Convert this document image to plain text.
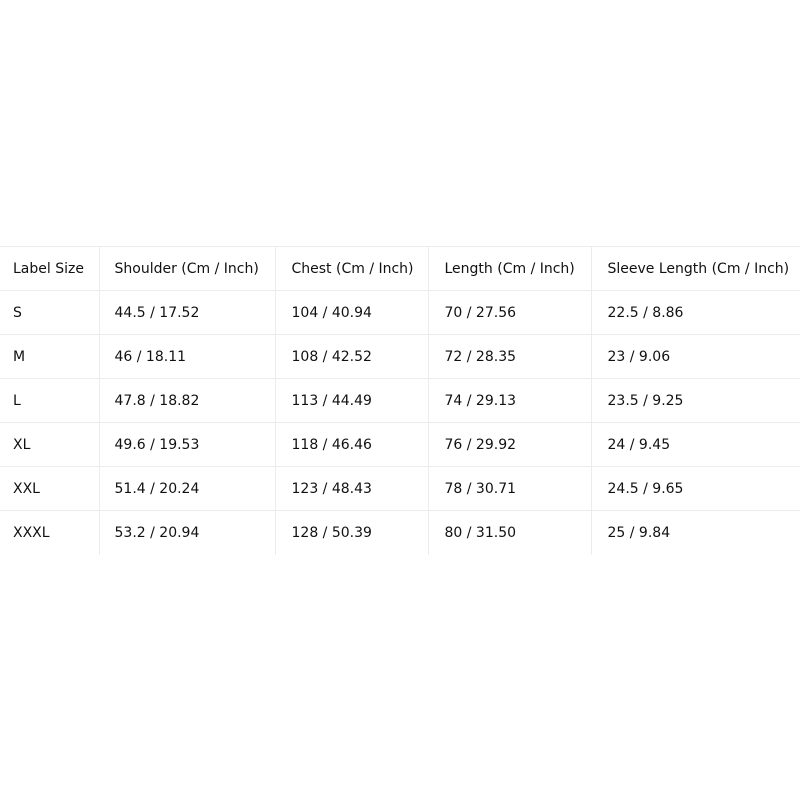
Label Size	Shoulder (Cm / Inch)	Chest (Cm / Inch)	Length (Cm / Inch)	Sleeve Length (Cm / Inch)
S	44.5 / 17.52	104 / 40.94	70 / 27.56	22.5 / 8.86
M	46 / 18.11	108 / 42.52	72 / 28.35	23 / 9.06
L	47.8 / 18.82	113 / 44.49	74 / 29.13	23.5 / 9.25
XL	49.6 / 19.53	118 / 46.46	76 / 29.92	24 / 9.45
XXL	51.4 / 20.24	123 / 48.43	78 / 30.71	24.5 / 9.65
XXXL	53.2 / 20.94	128 / 50.39	80 / 31.50	25 / 9.84
